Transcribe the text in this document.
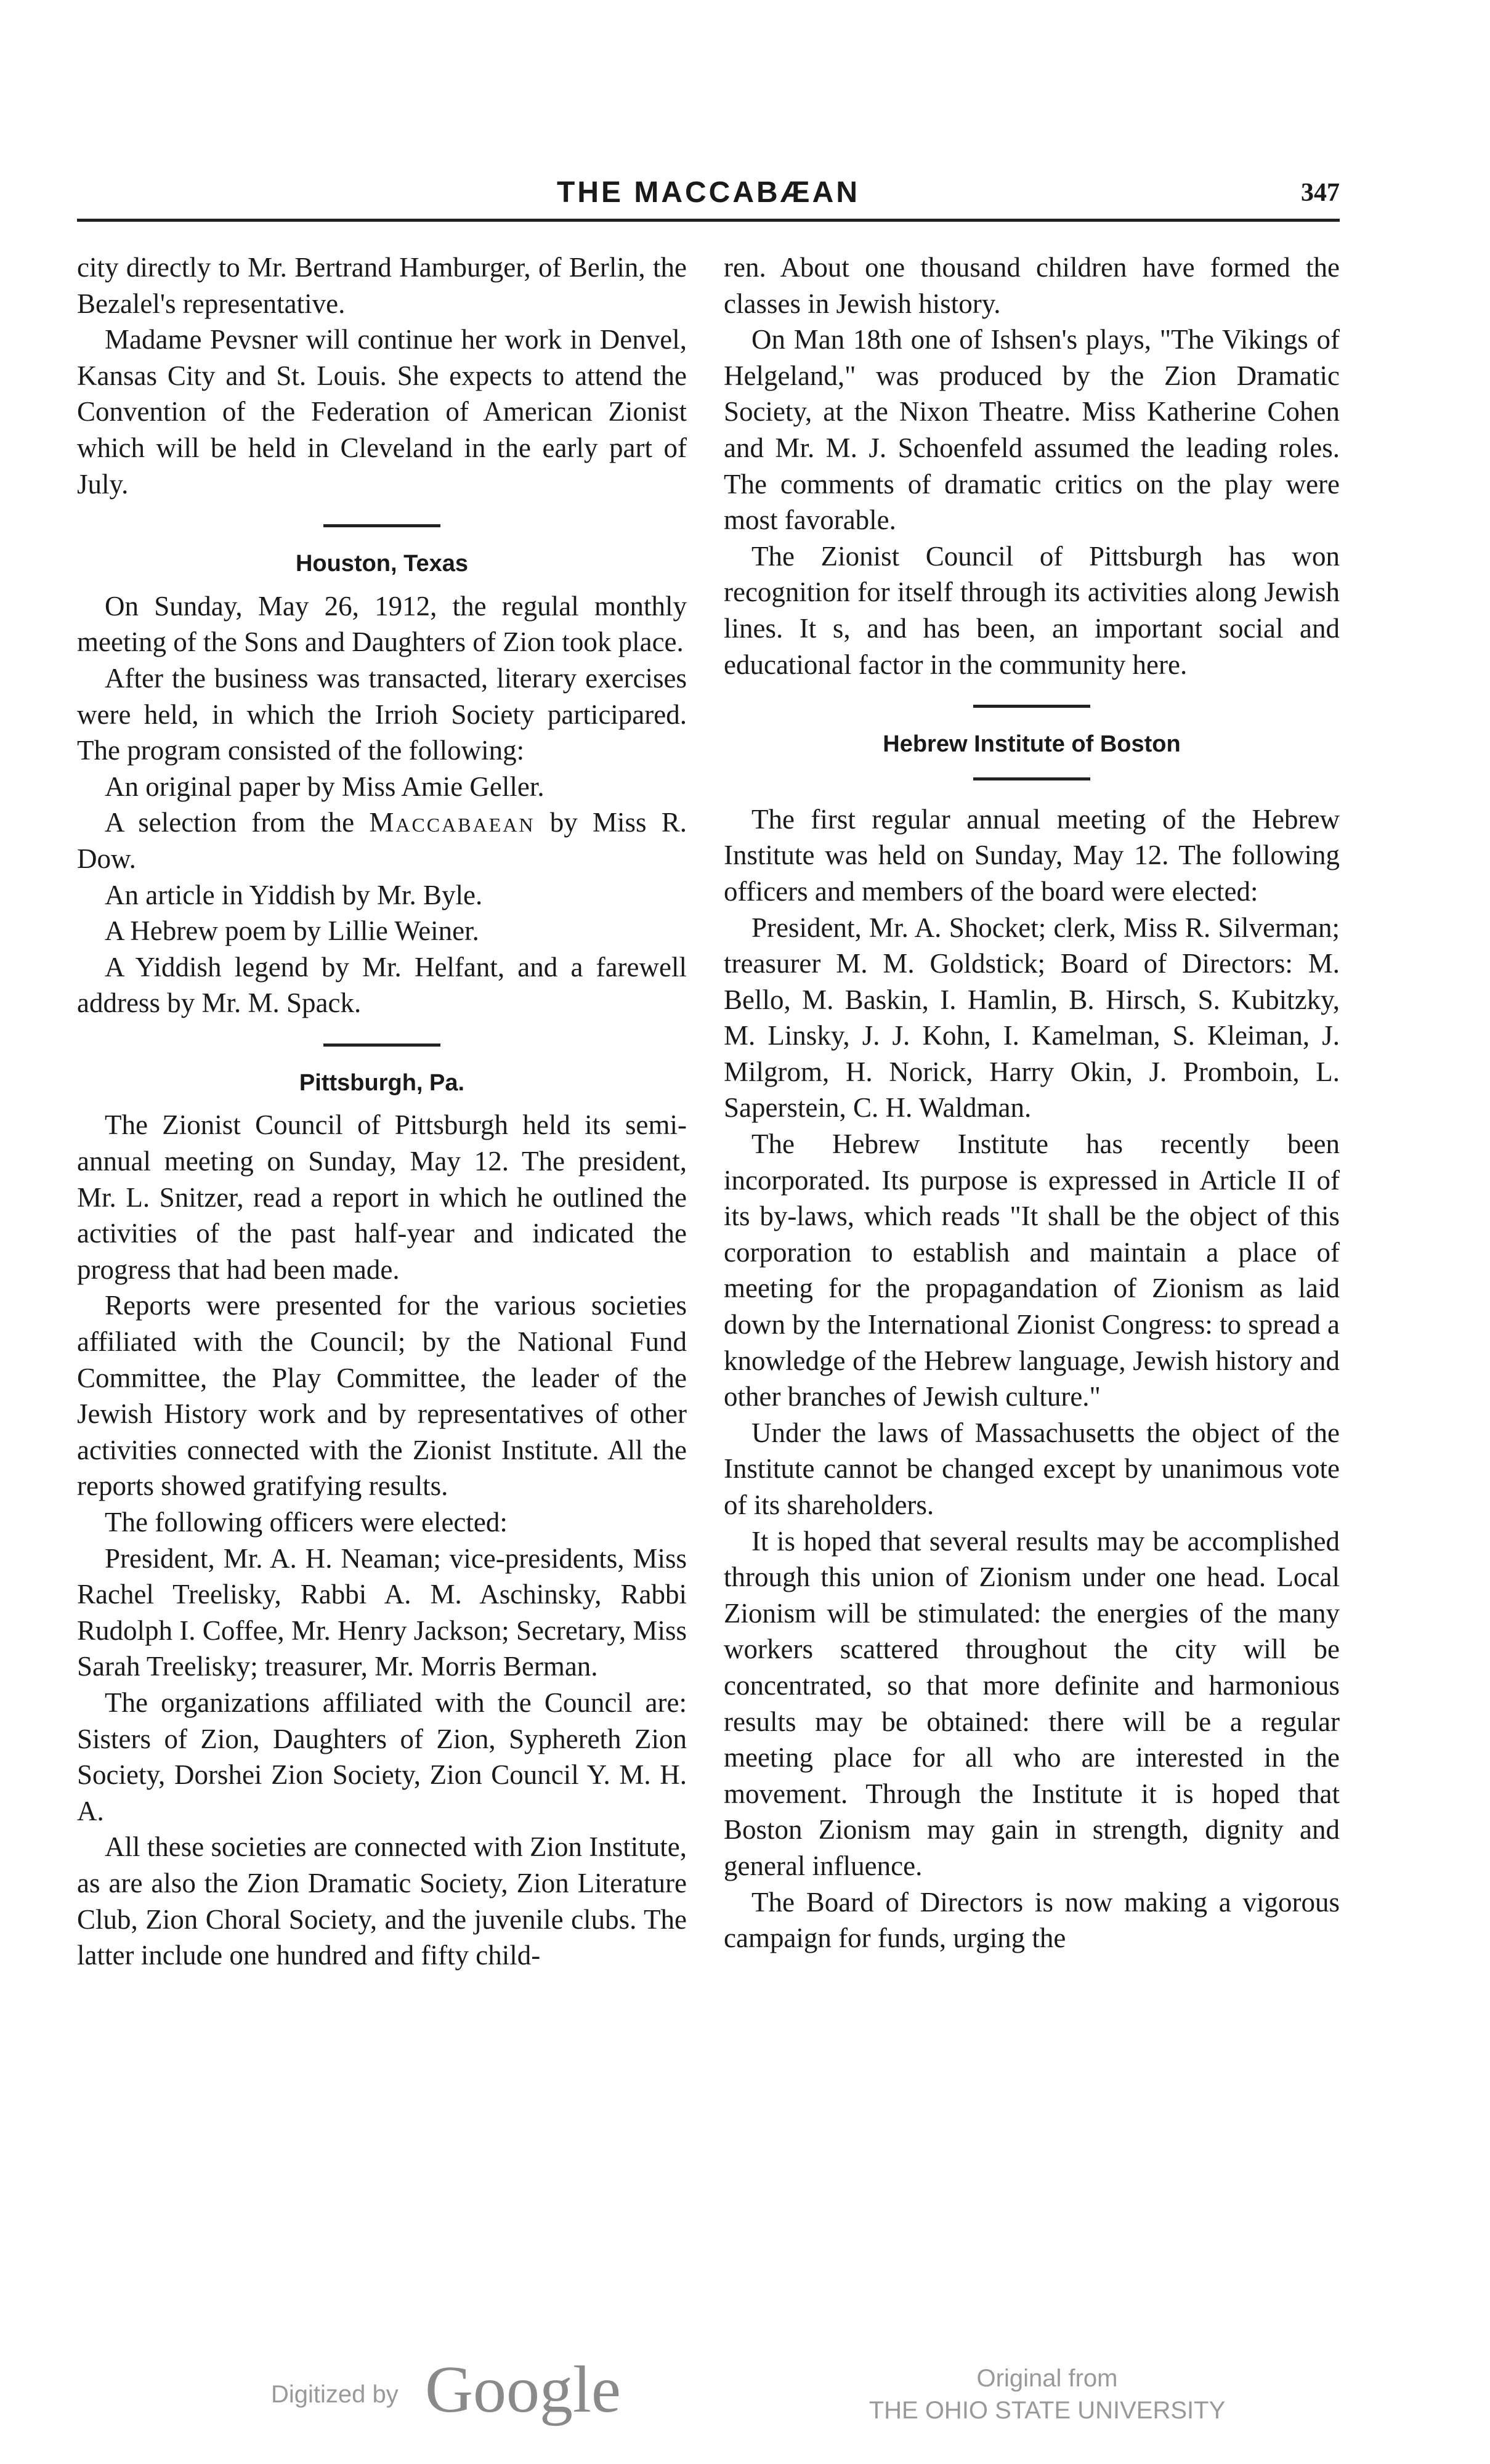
THE MACCABÆAN	347

city directly to Mr. Bertrand Hamburger, of Berlin, the Bezalel's representative.

Madame Pevsner will continue her work in Denvel, Kansas City and St. Louis. She expects to attend the Convention of the Federation of American Zionist which will be held in Cleveland in the early part of July.

Houston, Texas

On Sunday, May 26, 1912, the regulal monthly meeting of the Sons and Daughters of Zion took place.

After the business was transacted, literary exercises were held, in which the Irrioh Society participared. The program consisted of the following:

An original paper by Miss Amie Geller.

A selection from the Maccabaean by Miss R. Dow.

An article in Yiddish by Mr. Byle.

A Hebrew poem by Lillie Weiner.

A Yiddish legend by Mr. Helfant, and a farewell address by Mr. M. Spack.

Pittsburgh, Pa.

The Zionist Council of Pittsburgh held its semi-annual meeting on Sunday, May 12. The president, Mr. L. Snitzer, read a report in which he outlined the activities of the past half-year and indicated the progress that had been made.

Reports were presented for the various societies affiliated with the Council; by the National Fund Committee, the Play Committee, the leader of the Jewish History work and by representatives of other activities connected with the Zionist Institute. All the reports showed gratifying results.

The following officers were elected:

President, Mr. A. H. Neaman; vice-presidents, Miss Rachel Treelisky, Rabbi A. M. Aschinsky, Rabbi Rudolph I. Coffee, Mr. Henry Jackson; Secretary, Miss Sarah Treelisky; treasurer, Mr. Morris Berman.

The organizations affiliated with the Council are: Sisters of Zion, Daughters of Zion, Syphereth Zion Society, Dorshei Zion Society, Zion Council Y. M. H. A.

All these societies are connected with Zion Institute, as are also the Zion Dramatic Society, Zion Literature Club, Zion Choral Society, and the juvenile clubs. The latter include one hundred and fifty child-

ren. About one thousand children have formed the classes in Jewish history.

On Man 18th one of Ishsen's plays, "The Vikings of Helgeland," was produced by the Zion Dramatic Society, at the Nixon Theatre. Miss Katherine Cohen and Mr. M. J. Schoenfeld assumed the leading roles. The comments of dramatic critics on the play were most favorable.

The Zionist Council of Pittsburgh has won recognition for itself through its activities along Jewish lines. It s, and has been, an important social and educational factor in the community here.

Hebrew Institute of Boston

The first regular annual meeting of the Hebrew Institute was held on Sunday, May 12. The following officers and members of the board were elected:

President, Mr. A. Shocket; clerk, Miss R. Silverman; treasurer M. M. Goldstick; Board of Directors: M. Bello, M. Baskin, I. Hamlin, B. Hirsch, S. Kubitzky, M. Linsky, J. J. Kohn, I. Kamelman, S. Kleiman, J. Milgrom, H. Norick, Harry Okin, J. Promboin, L. Saperstein, C. H. Waldman.

The Hebrew Institute has recently been incorporated. Its purpose is expressed in Article II of its by-laws, which reads "It shall be the object of this corporation to establish and maintain a place of meeting for the propagandation of Zionism as laid down by the International Zionist Congress: to spread a knowledge of the Hebrew language, Jewish history and other branches of Jewish culture."

Under the laws of Massachusetts the object of the Institute cannot be changed except by unanimous vote of its shareholders.

It is hoped that several results may be accomplished through this union of Zionism under one head. Local Zionism will be stimulated: the energies of the many workers scattered throughout the city will be concentrated, so that more definite and harmonious results may be obtained: there will be a regular meeting place for all who are interested in the movement. Through the Institute it is hoped that Boston Zionism may gain in strength, dignity and general influence.

The Board of Directors is now making a vigorous campaign for funds, urging the

Digitized by Google	Original from
THE OHIO STATE UNIVERSITY
